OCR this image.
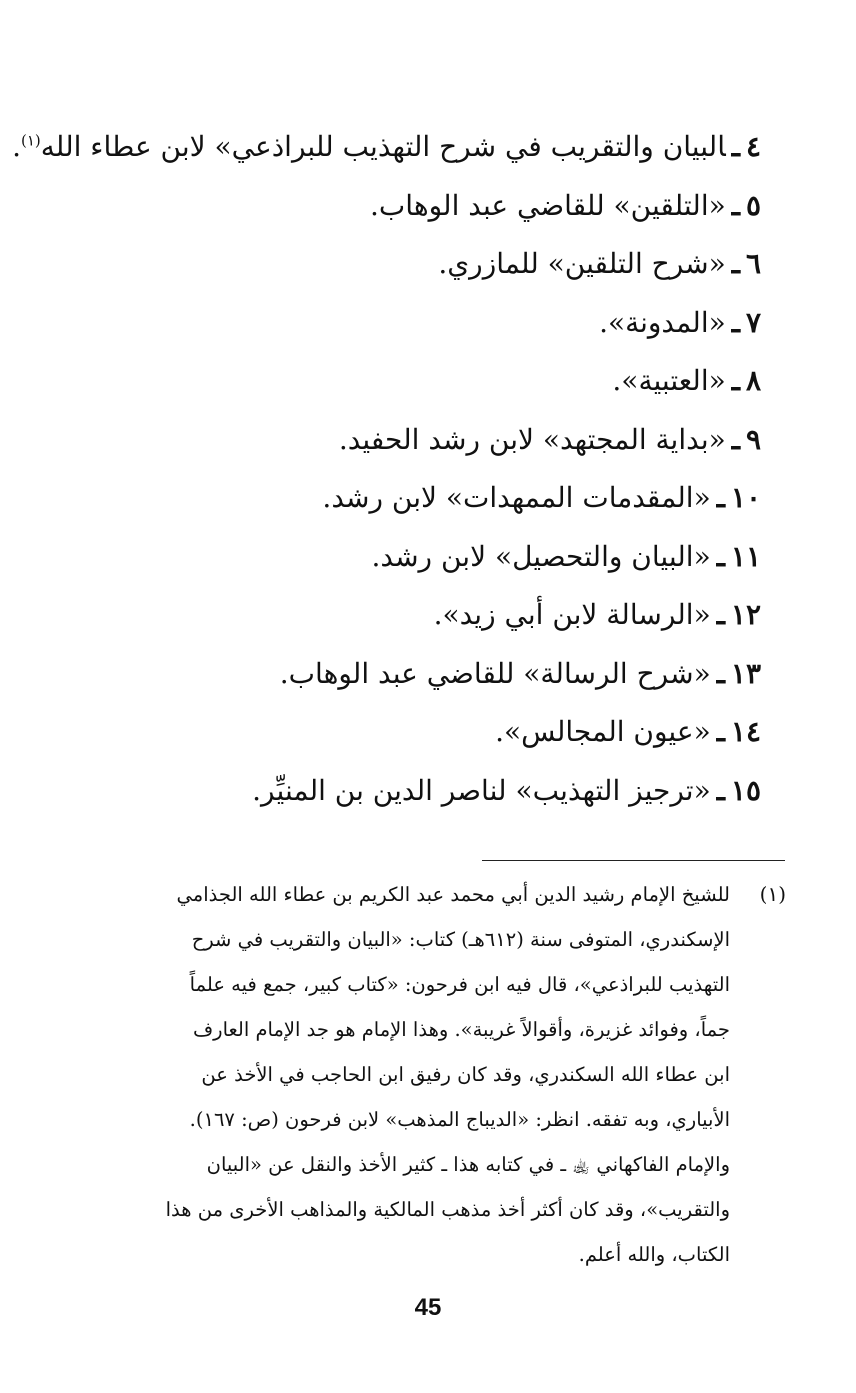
٤ـالبيان والتقريب في شرح التهذيب للبراذعي» لابن عطاء الله$^{(١)}$.
٥ـ«التلقين» للقاضي عبد الوهاب.
٦ـ«شرح التلقين» للمازري.
٧ـ«المدونة».
٨ـ«العتبية».
٩ـ«بداية المجتهد» لابن رشد الحفيد.
١٠ـ«المقدمات الممهدات» لابن رشد.
١١ـ«البيان والتحصيل» لابن رشد.
١٢ـ«الرسالة لابن أبي زيد».
١٣ـ«شرح الرسالة» للقاضي عبد الوهاب.
١٤ـ«عيون المجالس».
١٥ـ«ترجيز التهذيب» لناصر الدين بن المنيِّر.
(١)
للشيخ الإمام رشيد الدين أبي محمد عبد الكريم بن عطاء الله الجذامي
الإسكندري، المتوفى سنة (٦١٢هـ) كتاب: «البيان والتقريب في شرح
التهذيب للبراذعي»، قال فيه ابن فرحون: «كتاب كبير، جمع فيه علماً
جماً، وفوائد غزيرة، وأقوالاً غريبة». وهذا الإمام هو جد الإمام العارف
ابن عطاء الله السكندري، وقد كان رفيق ابن الحاجب في الأخذ عن
الأبياري، وبه تفقه. انظر: «الديباج المذهب» لابن فرحون (ص: ١٦٧).
والإمام الفاكهاني ﵀ ـ في كتابه هذا ـ كثير الأخذ والنقل عن «البيان
والتقريب»، وقد كان أكثر أخذ مذهب المالكية والمذاهب الأخرى من هذا
الكتاب، والله أعلم.
45
